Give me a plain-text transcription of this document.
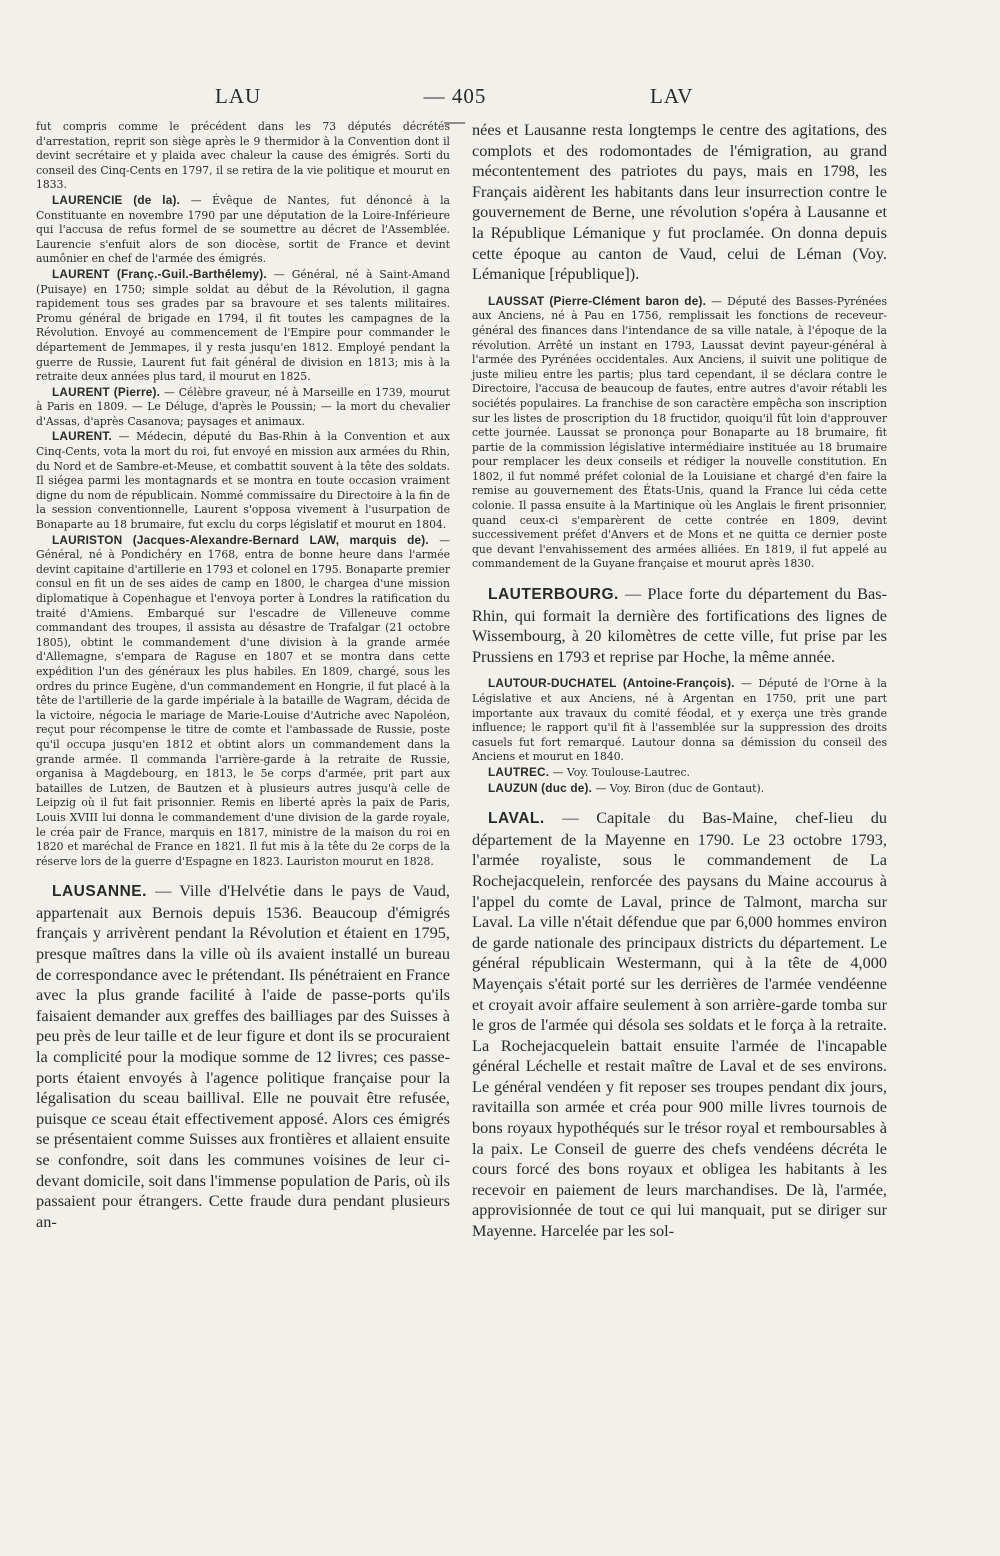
LAU	— 405 —
LAV

fut compris comme le précédent dans les 73 députés décrétés d'arrestation, reprit son siège après le 9 thermidor à la Convention dont il devint secrétaire et y plaida avec chaleur la cause des émigrés. Sorti du conseil des Cinq-Cents en 1797, il se retira de la vie politique et mourut en 1833.

LAURENCIE (de la). — Évêque de Nantes, fut dénoncé à la Constituante en novembre 1790 par une députation de la Loire-Inférieure qui l'accusa de refus formel de se soumettre au décret de l'Assemblée. Laurencie s'enfuit alors de son diocèse, sortit de France et devint aumônier en chef de l'armée des émigrés.

LAURENT (Franç.-Guil.-Barthélemy). — Général, né à Saint-Amand (Puisaye) en 1750; simple soldat au début de la Révolution, il gagna rapidement tous ses grades par sa bravoure et ses talents militaires. Promu général de brigade en 1794, il fit toutes les campagnes de la Révolution. Envoyé au commencement de l'Empire pour commander le département de Jemmapes, il y resta jusqu'en 1812. Employé pendant la guerre de Russie, Laurent fut fait général de division en 1813; mis à la retraite deux années plus tard, il mourut en 1825.

LAURENT (Pierre). — Célèbre graveur, né à Marseille en 1739, mourut à Paris en 1809. — Le Déluge, d'après le Poussin; — la mort du chevalier d'Assas, d'après Casanova; paysages et animaux.

LAURENT. — Médecin, député du Bas-Rhin à la Convention et aux Cinq-Cents, vota la mort du roi, fut envoyé en mission aux armées du Rhin, du Nord et de Sambre-et-Meuse, et combattit souvent à la tête des soldats. Il siégea parmi les montagnards et se montra en toute occasion vraiment digne du nom de républicain. Nommé commissaire du Directoire à la fin de la session conventionnelle, Laurent s'opposa vivement à l'usurpation de Bonaparte au 18 brumaire, fut exclu du corps législatif et mourut en 1804.

LAURISTON (Jacques-Alexandre-Bernard LAW, marquis de). — Général, né à Pondichéry en 1768, entra de bonne heure dans l'armée devint capitaine d'artillerie en 1793 et colonel en 1795. Bonaparte premier consul en fit un de ses aides de camp en 1800, le chargea d'une mission diplomatique à Copenhague et l'envoya porter à Londres la ratification du traité d'Amiens. Embarqué sur l'escadre de Villeneuve comme commandant des troupes, il assista au désastre de Trafalgar (21 octobre 1805), obtint le commandement d'une division à la grande armée d'Allemagne, s'empara de Raguse en 1807 et se montra dans cette expédition l'un des généraux les plus habiles. En 1809, chargé, sous les ordres du prince Eugène, d'un commandement en Hongrie, il fut placé à la tête de l'artillerie de la garde impériale à la bataille de Wagram, décida de la victoire, négocia le mariage de Marie-Louise d'Autriche avec Napoléon, reçut pour récompense le titre de comte et l'ambassade de Russie, poste qu'il occupa jusqu'en 1812 et obtint alors un commandement dans la grande armée. Il commanda l'arrière-garde à la retraite de Russie, organisa à Magdebourg, en 1813, le 5e corps d'armée, prit part aux batailles de Lutzen, de Bautzen et à plusieurs autres jusqu'à celle de Leipzig où il fut fait prisonnier. Remis en liberté après la paix de Paris, Louis XVIII lui donna le commandement d'une division de la garde royale, le créa pair de France, marquis en 1817, ministre de la maison du roi en 1820 et maréchal de France en 1821. Il fut mis à la tête du 2e corps de la réserve lors de la guerre d'Espagne en 1823. Lauriston mourut en 1828.

LAUSANNE. — Ville d'Helvétie dans le pays de Vaud, appartenait aux Bernois depuis 1536. Beaucoup d'émigrés français y arrivèrent pendant la Révolution et étaient en 1795, presque maîtres dans la ville où ils avaient installé un bureau de correspondance avec le prétendant. Ils pénétraient en France avec la plus grande facilité à l'aide de passe-ports qu'ils faisaient demander aux greffes des bailliages par des Suisses à peu près de leur taille et de leur figure et dont ils se procuraient la complicité pour la modique somme de 12 livres; ces passe-ports étaient envoyés à l'agence politique française pour la légalisation du sceau baillival. Elle ne pouvait être refusée, puisque ce sceau était effectivement apposé. Alors ces émigrés se présentaient comme Suisses aux frontières et allaient ensuite se confondre, soit dans les communes voisines de leur ci-devant domicile, soit dans l'immense population de Paris, où ils passaient pour étrangers. Cette fraude dura pendant plusieurs an-

nées et Lausanne resta longtemps le centre des agitations, des complots et des rodomontades de l'émigration, au grand mécontentement des patriotes du pays, mais en 1798, les Français aidèrent les habitants dans leur insurrection contre le gouvernement de Berne, une révolution s'opéra à Lausanne et la République Lémanique y fut proclamée. On donna depuis cette époque au canton de Vaud, celui de Léman (Voy. Lémanique [république]).

LAUSSAT (Pierre-Clément baron de). — Député des Basses-Pyrénées aux Anciens, né à Pau en 1756, remplissait les fonctions de receveur-général des finances dans l'intendance de sa ville natale, à l'époque de la révolution. Arrêté un instant en 1793, Laussat devint payeur-général à l'armée des Pyrénées occidentales. Aux Anciens, il suivit une politique de juste milieu entre les partis; plus tard cependant, il se déclara contre le Directoire, l'accusa de beaucoup de fautes, entre autres d'avoir rétabli les sociétés populaires. La franchise de son caractère empêcha son inscription sur les listes de proscription du 18 fructidor, quoiqu'il fût loin d'approuver cette journée. Laussat se prononça pour Bonaparte au 18 brumaire, fit partie de la commission législative intermédiaire instituée au 18 brumaire pour remplacer les deux conseils et rédiger la nouvelle constitution. En 1802, il fut nommé préfet colonial de la Louisiane et chargé d'en faire la remise au gouvernement des États-Unis, quand la France lui céda cette colonie. Il passa ensuite à la Martinique où les Anglais le firent prisonnier, quand ceux-ci s'emparèrent de cette contrée en 1809, devint successivement préfet d'Anvers et de Mons et ne quitta ce dernier poste que devant l'envahissement des armées alliées. En 1819, il fut appelé au commandement de la Guyane française et mourut après 1830.

LAUTERBOURG. — Place forte du département du Bas-Rhin, qui formait la dernière des fortifications des lignes de Wissembourg, à 20 kilomètres de cette ville, fut prise par les Prussiens en 1793 et reprise par Hoche, la même année.

LAUTOUR-DUCHATEL (Antoine-François). — Député de l'Orne à la Législative et aux Anciens, né à Argentan en 1750, prit une part importante aux travaux du comité féodal, et y exerça une très grande influence; le rapport qu'il fit à l'assemblée sur la suppression des droits casuels fut fort remarqué. Lautour donna sa démission du conseil des Anciens et mourut en 1840.

LAUTREC. — Voy. Toulouse-Lautrec.

LAUZUN (duc de). — Voy. Biron (duc de Gontaut).

LAVAL. — Capitale du Bas-Maine, chef-lieu du département de la Mayenne en 1790. Le 23 octobre 1793, l'armée royaliste, sous le commandement de La Rochejacquelein, renforcée des paysans du Maine accourus à l'appel du comte de Laval, prince de Talmont, marcha sur Laval. La ville n'était défendue que par 6,000 hommes environ de garde nationale des principaux districts du département. Le général républicain Westermann, qui à la tête de 4,000 Mayençais s'était porté sur les derrières de l'armée vendéenne et croyait avoir affaire seulement à son arrière-garde tomba sur le gros de l'armée qui désola ses soldats et le força à la retraite. La Rochejacquelein battait ensuite l'armée de l'incapable général Léchelle et restait maître de Laval et de ses environs. Le général vendéen y fit reposer ses troupes pendant dix jours, ravitailla son armée et créa pour 900 mille livres tournois de bons royaux hypothéqués sur le trésor royal et remboursables à la paix. Le Conseil de guerre des chefs vendéens décréta le cours forcé des bons royaux et obligea les habitants à les recevoir en paiement de leurs marchandises. De là, l'armée, approvisionnée de tout ce qui lui manquait, put se diriger sur Mayenne. Harcelée par les sol-
